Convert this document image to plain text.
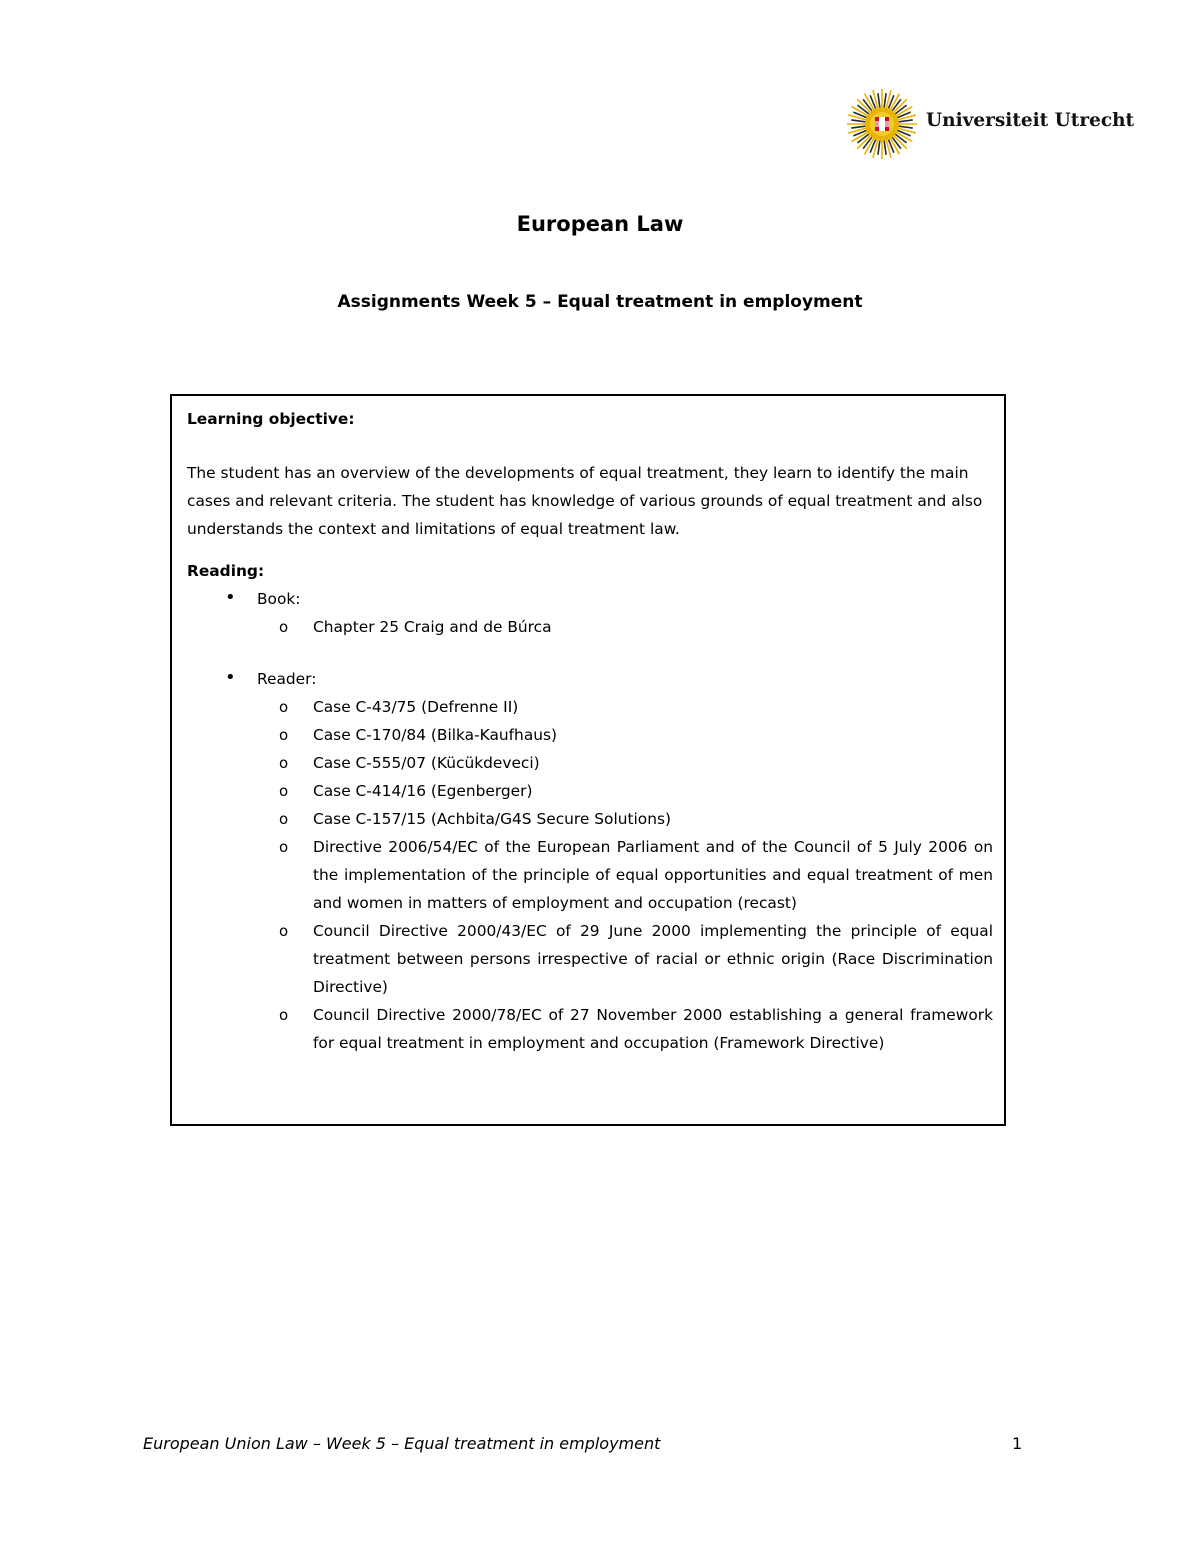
Universiteit Utrecht
European Law
Assignments Week 5 – Equal treatment in employment
Learning objective:
The student has an overview of the developments of equal treatment, they learn to identify the main cases and relevant criteria. The student has knowledge of various grounds of equal treatment and also understands the context and limitations of equal treatment law.
Reading:
• Book:
o Chapter 25 Craig and de Búrca
• Reader:
o Case C-43/75 (Defrenne II)
o Case C-170/84 (Bilka-Kaufhaus)
o Case C-555/07 (Kücükdeveci)
o Case C-414/16 (Egenberger)
o Case C-157/15 (Achbita/G4S Secure Solutions)
o Directive 2006/54/EC of the European Parliament and of the Council of 5 July 2006 on the implementation of the principle of equal opportunities and equal treatment of men and women in matters of employment and occupation (recast)
o Council Directive 2000/43/EC of 29 June 2000 implementing the principle of equal treatment between persons irrespective of racial or ethnic origin (Race Discrimination Directive)
o Council Directive 2000/78/EC of 27 November 2000 establishing a general framework for equal treatment in employment and occupation (Framework Directive)
European Union Law – Week 5 – Equal treatment in employment	1
